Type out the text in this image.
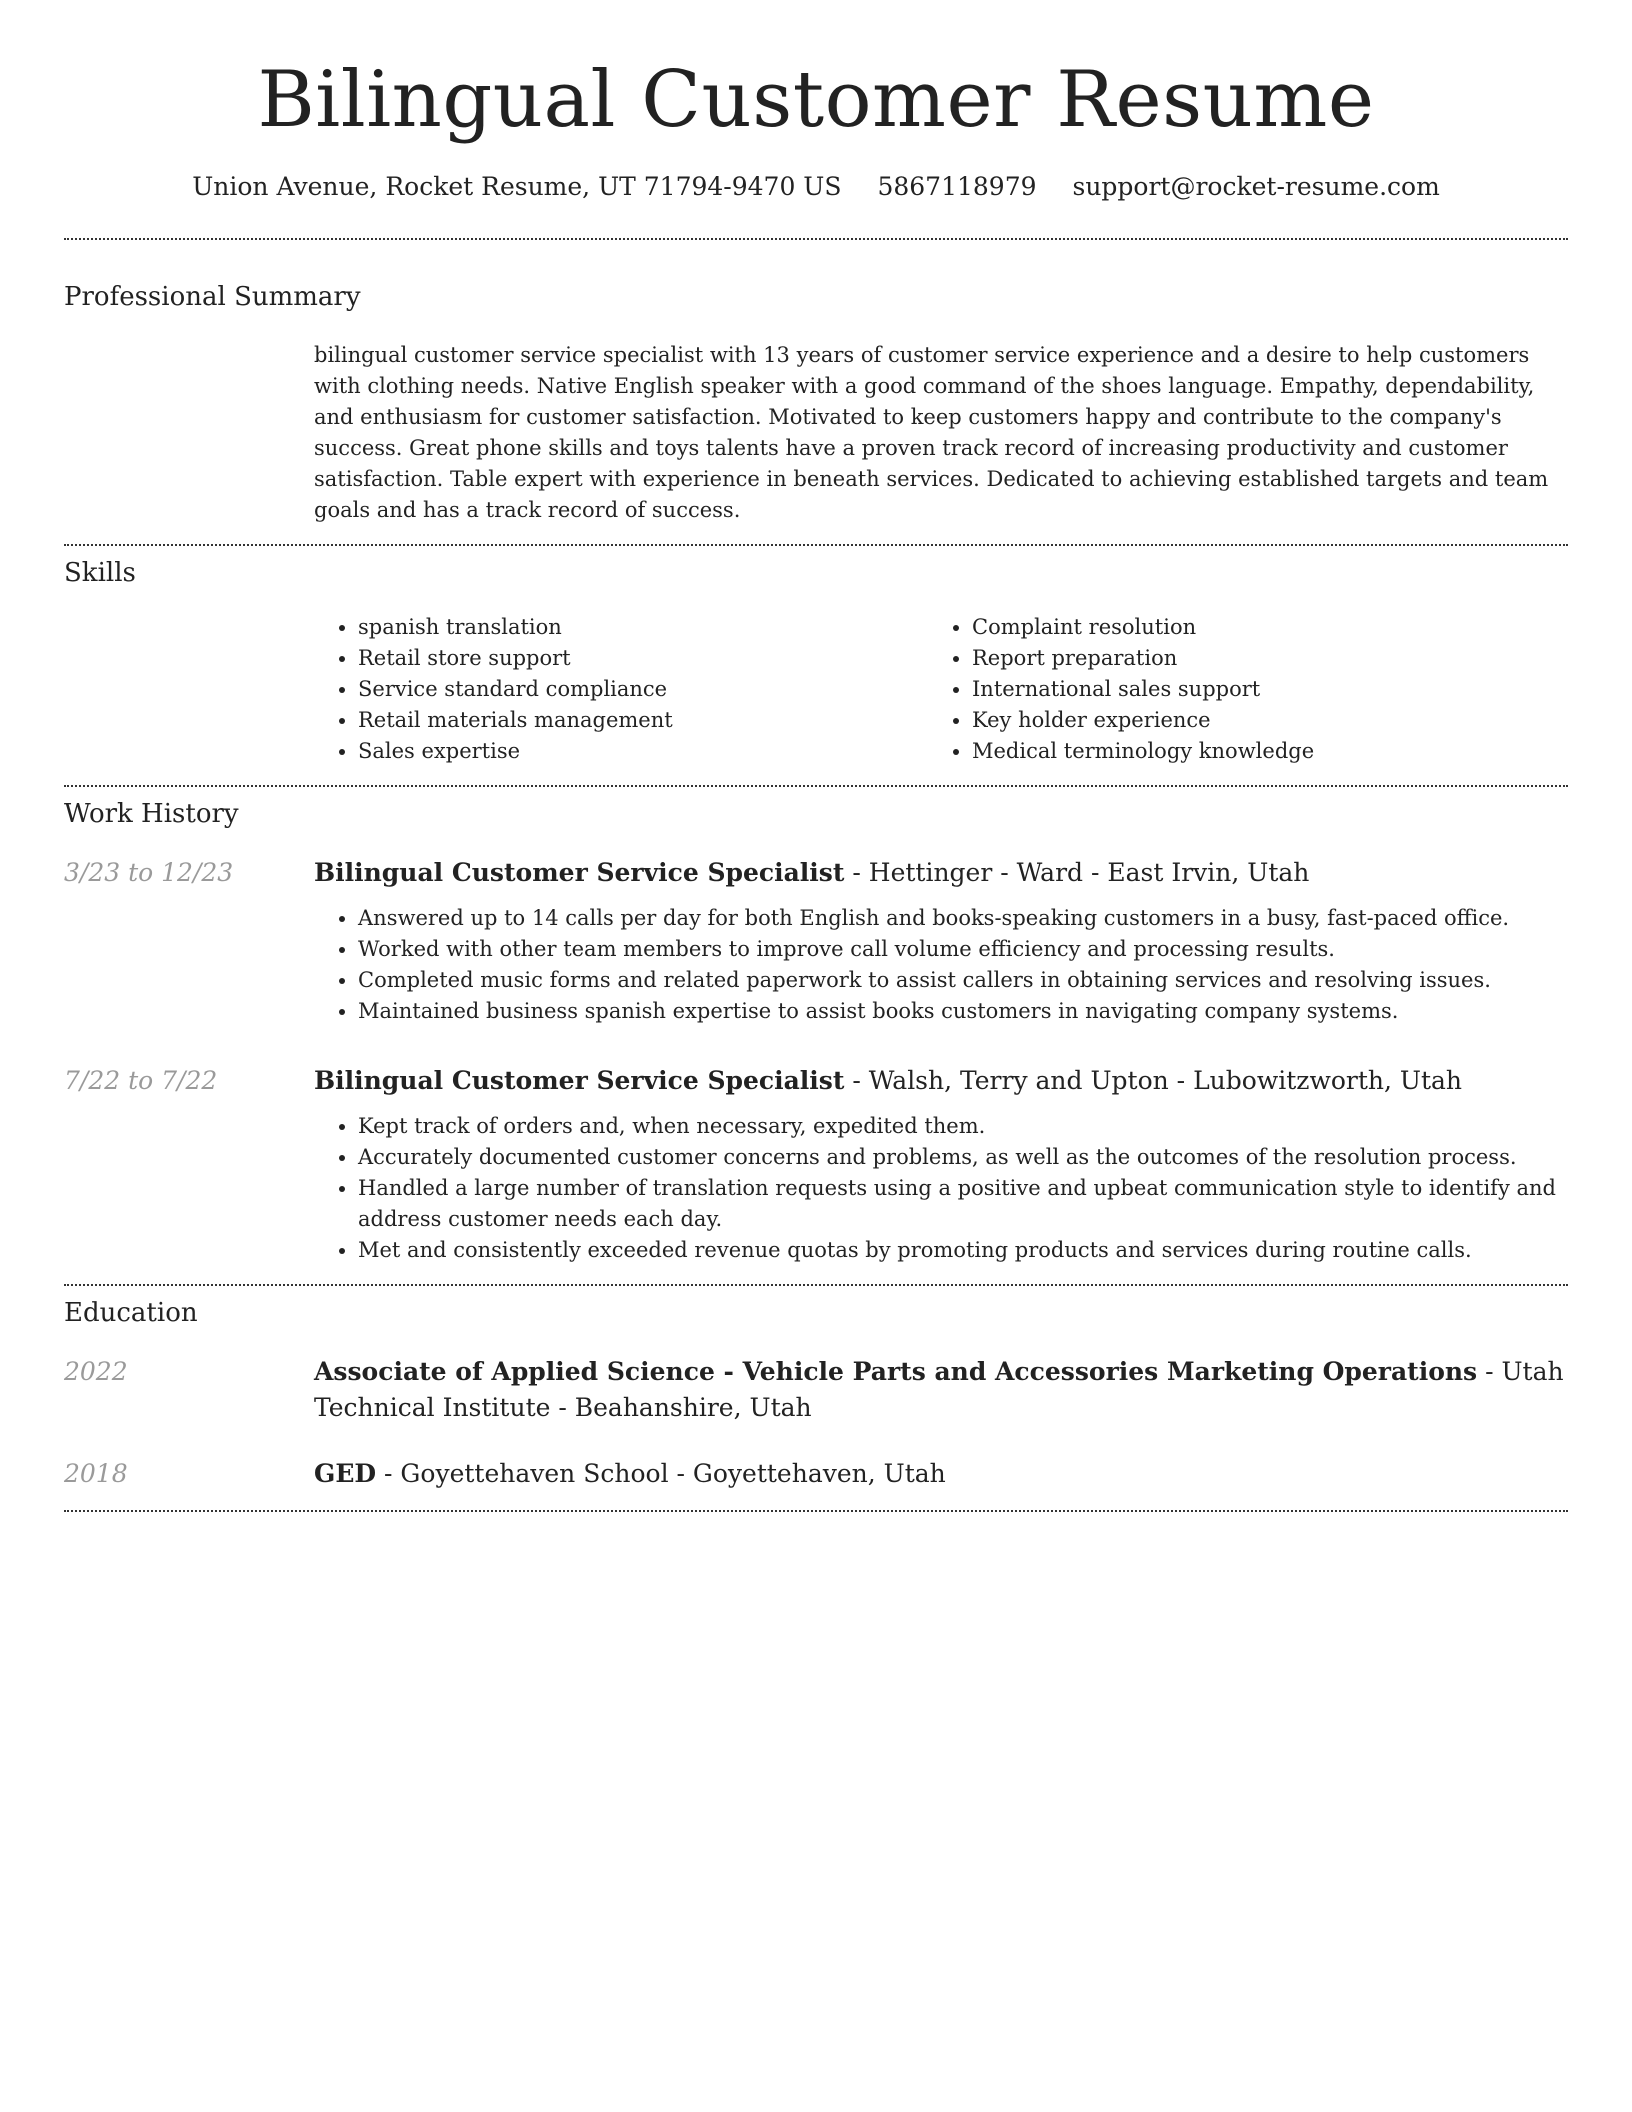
Bilingual Customer Resume
Union Avenue, Rocket Resume, UT 71794-9470 US 5867118979 support@rocket-resume.com
Professional Summary

bilingual customer service specialist with 13 years of customer service experience and a desire to help customers with clothing needs. Native English speaker with a good command of the shoes language. Empathy, dependability, and enthusiasm for customer satisfaction. Motivated to keep customers happy and contribute to the company's success. Great phone skills and toys talents have a proven track record of increasing productivity and customer satisfaction. Table expert with experience in beneath services. Dedicated to achieving established targets and team goals and has a track record of success.

Skills
• spanish translation
• Retail store support
• Service standard compliance
• Retail materials management
• Sales expertise
• Complaint resolution
• Report preparation
• International sales support
• Key holder experience
• Medical terminology knowledge
Work History
3/23 to 12/23	Bilingual Customer Service Specialist - Hettinger - Ward - East Irvin, Utah
• Answered up to 14 calls per day for both English and books-speaking customers in a busy, fast-paced office.
• Worked with other team members to improve call volume efficiency and processing results.
• Completed music forms and related paperwork to assist callers in obtaining services and resolving issues.
• Maintained business spanish expertise to assist books customers in navigating company systems.
7/22 to 7/22	Bilingual Customer Service Specialist - Walsh, Terry and Upton - Lubowitzworth, Utah
• Kept track of orders and, when necessary, expedited them.
• Accurately documented customer concerns and problems, as well as the outcomes of the resolution process.
• Handled a large number of translation requests using a positive and upbeat communication style to identify and address customer needs each day.
• Met and consistently exceeded revenue quotas by promoting products and services during routine calls.
Education
2022	Associate of Applied Science - Vehicle Parts and Accessories Marketing Operations - Utah Technical Institute - Beahanshire, Utah
2018	GED - Goyettehaven School - Goyettehaven, Utah
